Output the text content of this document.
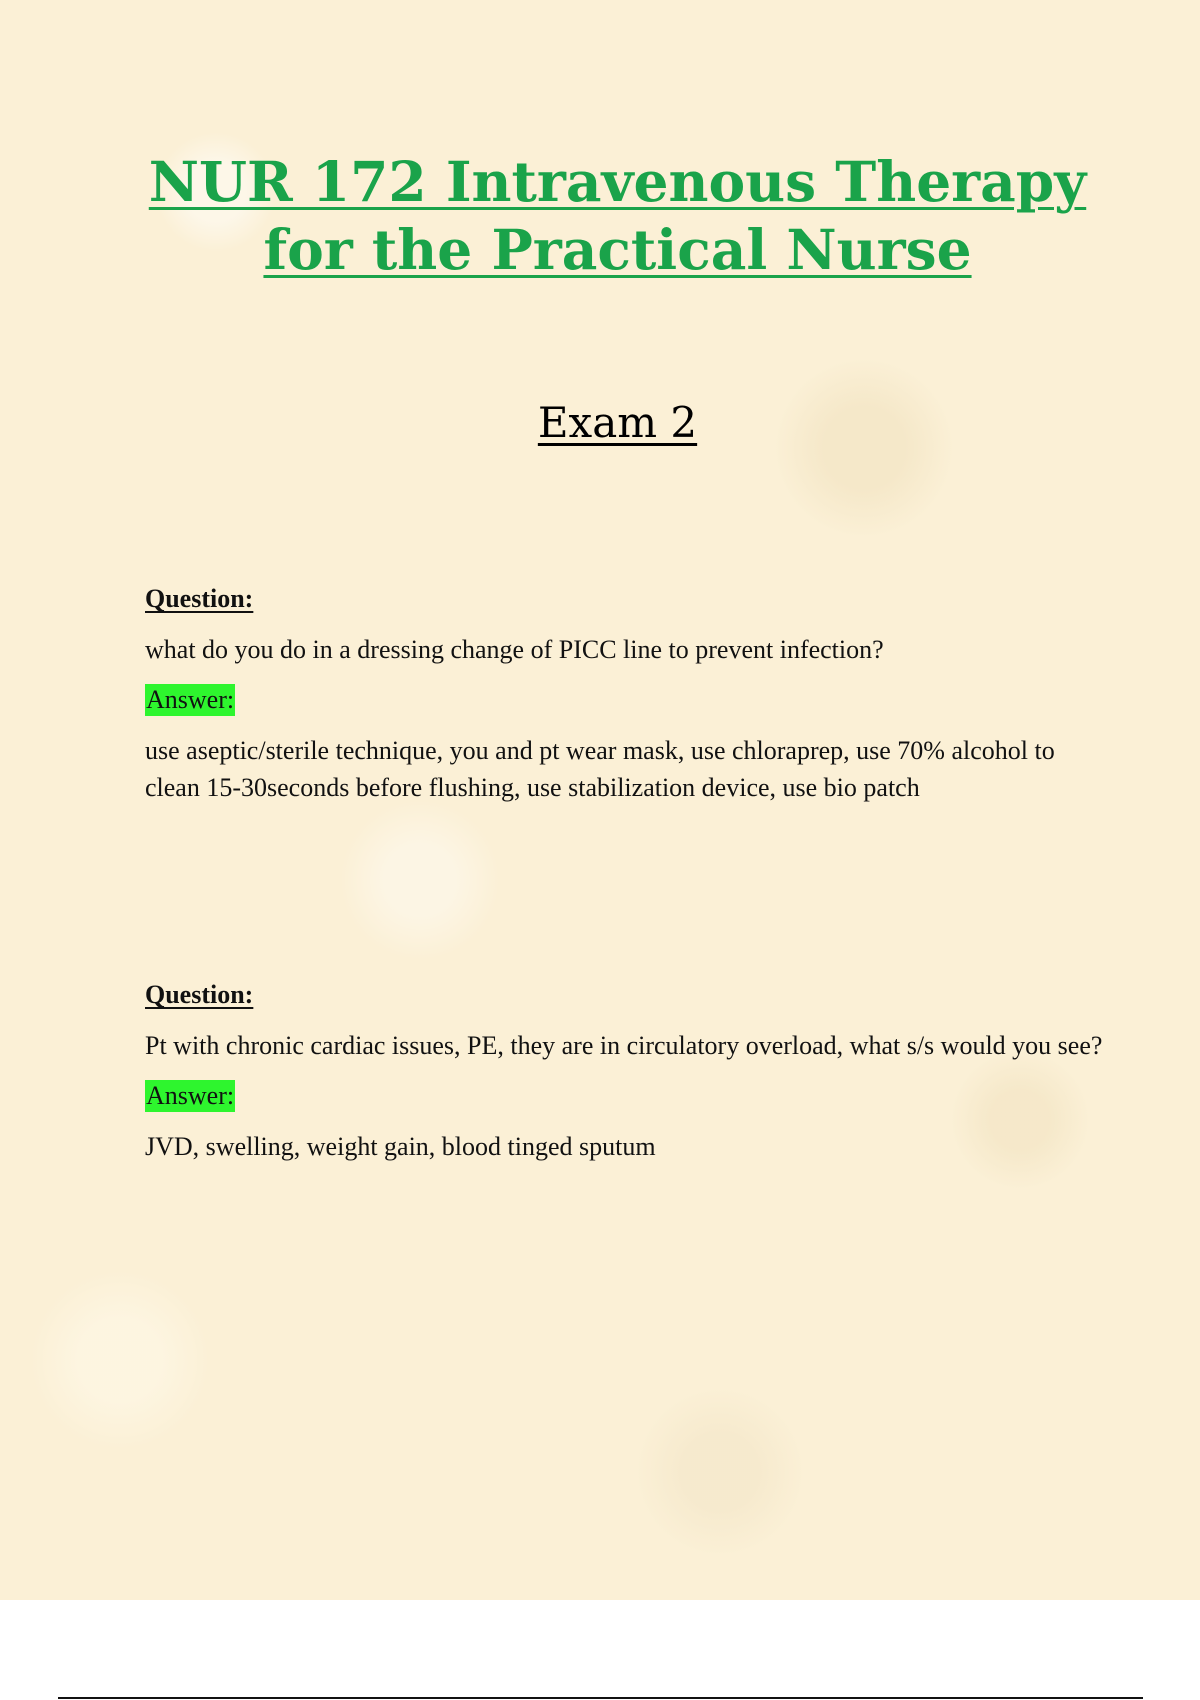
NUR 172 Intravenous Therapy
for the Practical Nurse
Exam 2

Question:

what do you do in a dressing change of PICC line to prevent infection?

Answer:

use aseptic/sterile technique, you and pt wear mask, use chloraprep, use 70% alcohol to clean 15-30seconds before flushing, use stabilization device, use bio patch

Question:

Pt with chronic cardiac issues, PE, they are in circulatory overload, what s/s would you see?

Answer:

JVD, swelling, weight gain, blood tinged sputum
